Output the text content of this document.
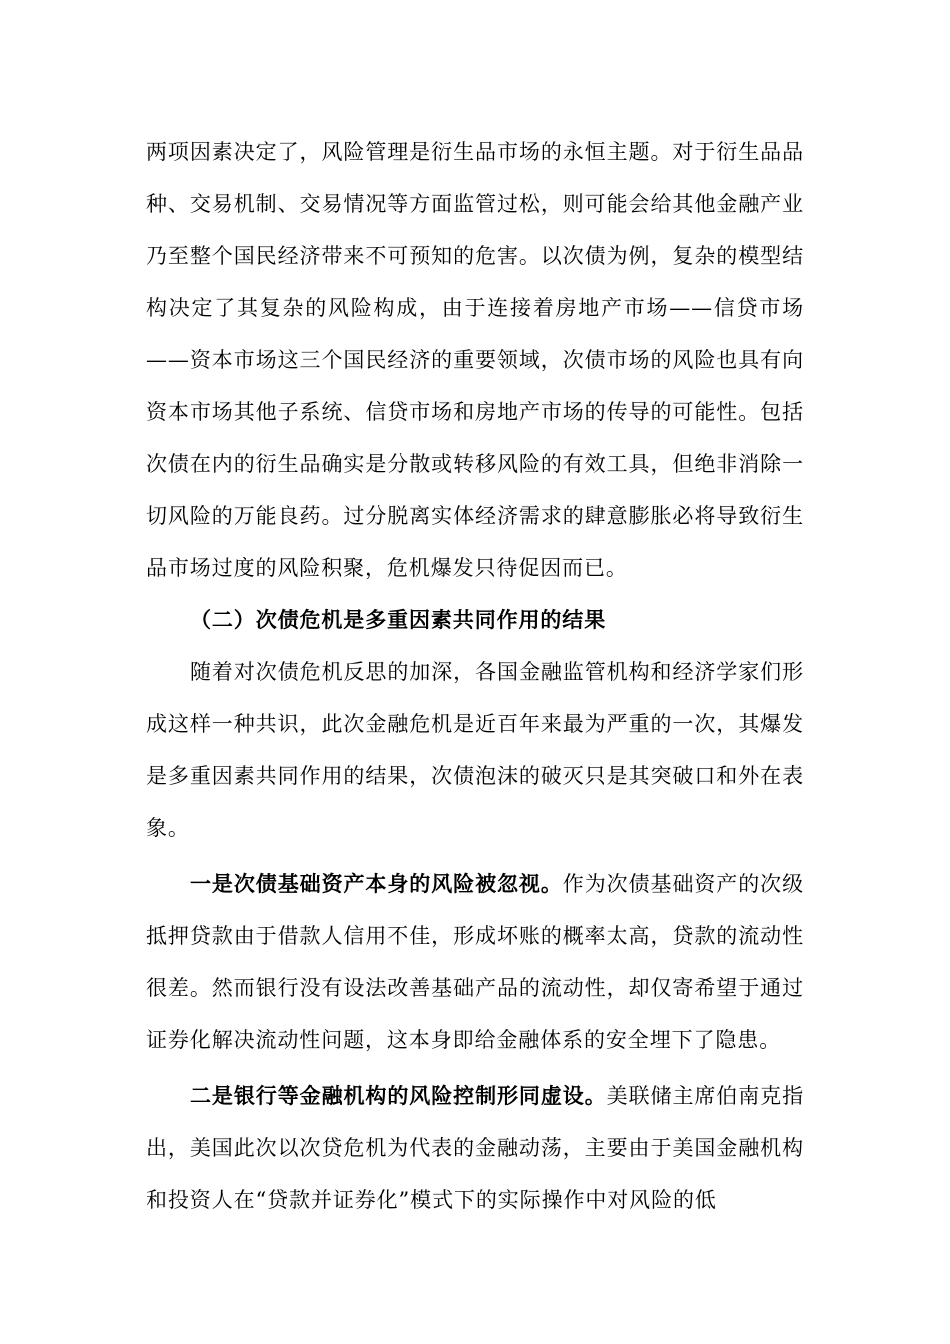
两项因素决定了，风险管理是衍生品市场的永恒主题。对于衍生品品种、交易机制、交易情况等方面监管过松，则可能会给其他金融产业乃至整个国民经济带来不可预知的危害。以次债为例，复杂的模型结构决定了其复杂的风险构成，由于连接着房地产市场——信贷市场——资本市场这三个国民经济的重要领域，次债市场的风险也具有向资本市场其他子系统、信贷市场和房地产市场的传导的可能性。包括次债在内的衍生品确实是分散或转移风险的有效工具，但绝非消除一切风险的万能良药。过分脱离实体经济需求的肆意膨胀必将导致衍生品市场过度的风险积聚，危机爆发只待促因而已。

（二）次债危机是多重因素共同作用的结果

随着对次债危机反思的加深，各国金融监管机构和经济学家们形成这样一种共识，此次金融危机是近百年来最为严重的一次，其爆发是多重因素共同作用的结果，次债泡沫的破灭只是其突破口和外在表象。

一是次债基础资产本身的风险被忽视。作为次债基础资产的次级抵押贷款由于借款人信用不佳，形成坏账的概率太高，贷款的流动性很差。然而银行没有设法改善基础产品的流动性，却仅寄希望于通过证券化解决流动性问题，这本身即给金融体系的安全埋下了隐患。

二是银行等金融机构的风险控制形同虚设。美联储主席伯南克指出，美国此次以次贷危机为代表的金融动荡，主要由于美国金融机构和投资人在“贷款并证券化”模式下的实际操作中对风险的低
